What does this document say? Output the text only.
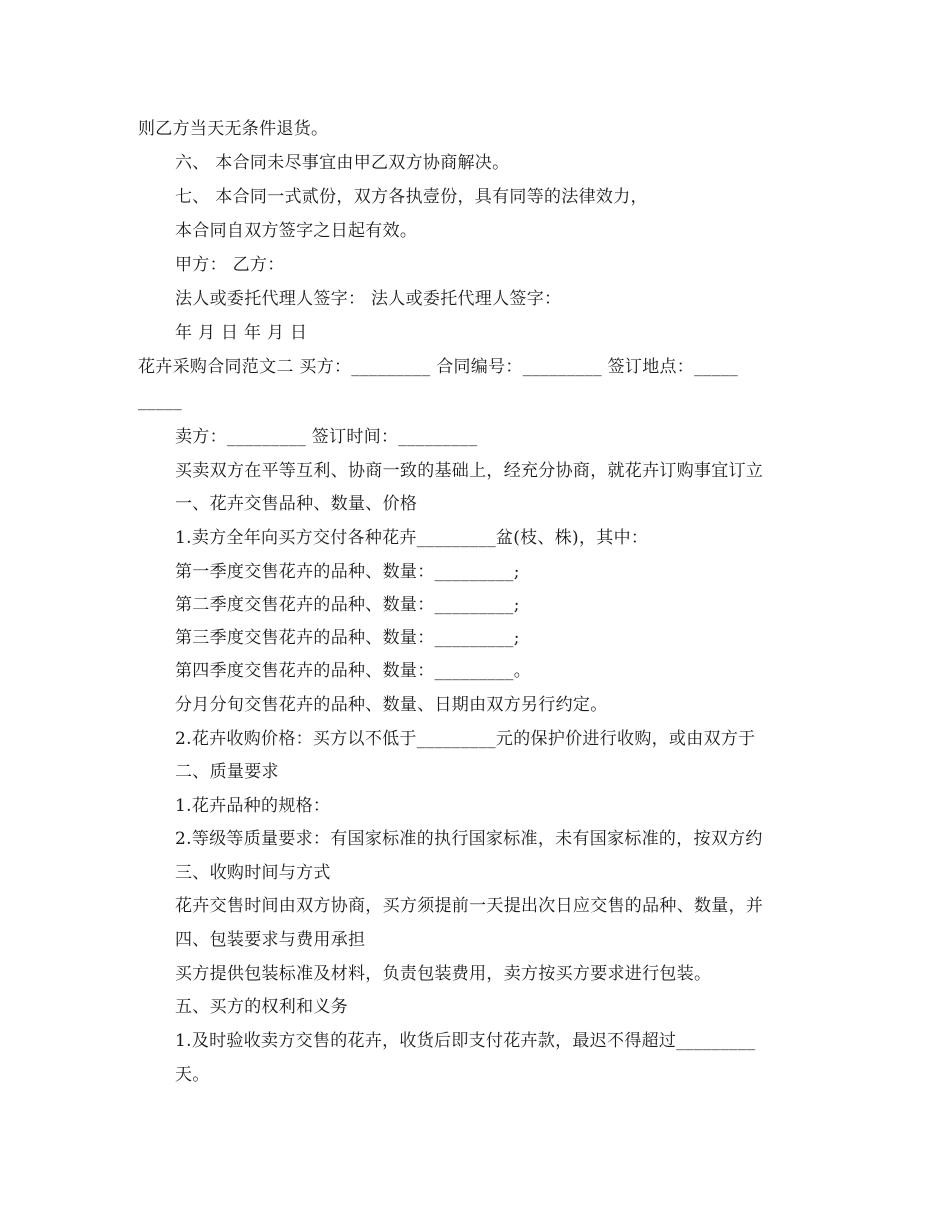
则乙方当天无条件退货。
六、 本合同未尽事宜由甲乙双方协商解决。
七、 本合同一式贰份，双方各执壹份，具有同等的法律效力，
本合同自双方签字之日起有效。
甲方： 乙方：
法人或委托代理人签字： 法人或委托代理人签字：
年 月 日 年 月 日
花卉采购合同范文二 买方：_________ 合同编号：_________ 签订地点：_____
_____
卖方：_________ 签订时间：_________
买卖双方在平等互利、协商一致的基础上，经充分协商，就花卉订购事宜订立
一、花卉交售品种、数量、价格
1.卖方全年向买方交付各种花卉_________盆(枝、株)，其中：
第一季度交售花卉的品种、数量：_________;
第二季度交售花卉的品种、数量：_________;
第三季度交售花卉的品种、数量：_________;
第四季度交售花卉的品种、数量：_________。
分月分旬交售花卉的品种、数量、日期由双方另行约定。
2.花卉收购价格：买方以不低于_________元的保护价进行收购，或由双方于
二、质量要求
1.花卉品种的规格：
2.等级等质量要求：有国家标准的执行国家标准，未有国家标准的，按双方约
三、收购时间与方式
花卉交售时间由双方协商，买方须提前一天提出次日应交售的品种、数量，并
四、包装要求与费用承担
买方提供包装标准及材料，负责包装费用，卖方按买方要求进行包装。
五、买方的权利和义务
1.及时验收卖方交售的花卉，收货后即支付花卉款，最迟不得超过_________
天。
